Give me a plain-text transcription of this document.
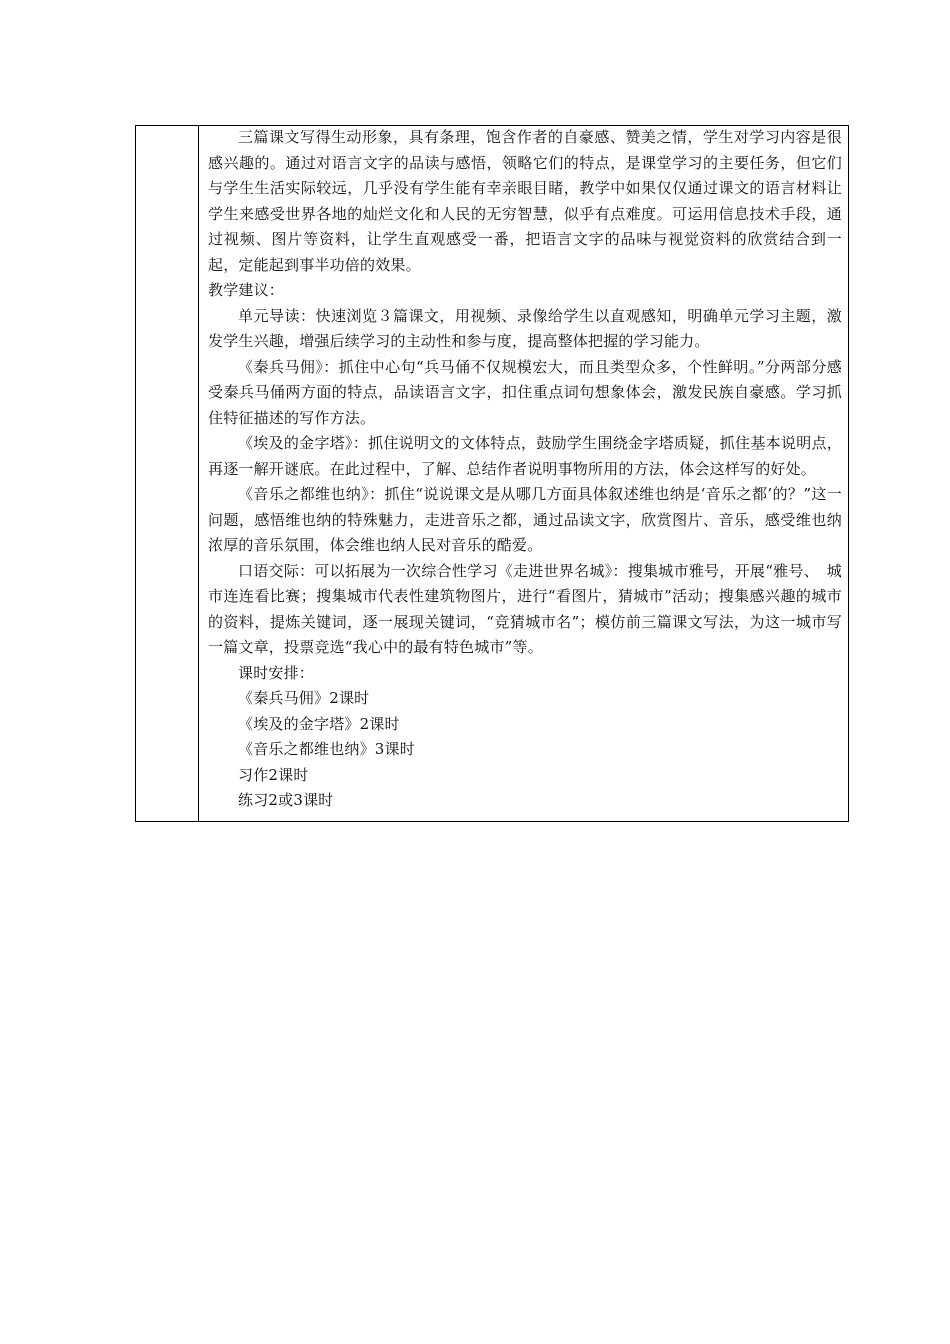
三篇课文写得生动形象，具有条理，饱含作者的自豪感、赞美之情，学生对学习内容是很感兴趣的。通过对语言文字的品读与感悟，领略它们的特点，是课堂学习的主要任务，但它们与学生生活实际较远，几乎没有学生能有幸亲眼目睹，教学中如果仅仅通过课文的语言材料让学生来感受世界各地的灿烂文化和人民的无穷智慧，似乎有点难度。可运用信息技术手段，通过视频、图片等资料，让学生直观感受一番，把语言文字的品味与视觉资料的欣赏结合到一起，定能起到事半功倍的效果。

教学建议：

单元导读：快速浏览３篇课文，用视频、录像给学生以直观感知，明确单元学习主题，激发学生兴趣，增强后续学习的主动性和参与度，提高整体把握的学习能力。

《秦兵马佣》：抓住中心句“兵马俑不仅规模宏大，而且类型众多，个性鲜明。”分两部分感受秦兵马俑两方面的特点，品读语言文字，扣住重点词句想象体会，激发民族自豪感。学习抓住特征描述的写作方法。

《埃及的金字塔》：抓住说明文的文体特点，鼓励学生围绕金字塔质疑，抓住基本说明点，再逐一解开谜底。在此过程中，了解、总结作者说明事物所用的方法，体会这样写的好处。

《音乐之都维也纳》：抓住“说说课文是从哪几方面具体叙述维也纳是‘音乐之都’的？”这一问题，感悟维也纳的特殊魅力，走进音乐之都，通过品读文字，欣赏图片、音乐，感受维也纳浓厚的音乐氛围，体会维也纳人民对音乐的酷爱。

口语交际：可以拓展为一次综合性学习《走进世界名城》：搜集城市雅号，开展“雅号、　城市连连看比赛；搜集城市代表性建筑物图片，进行“看图片，猜城市”活动；搜集感兴趣的城市的资料，提炼关键词，逐一展现关键词，“竞猜城市名”；模仿前三篇课文写法，为这一城市写一篇文章，投票竞选“我心中的最有特色城市”等。

课时安排：

《秦兵马佣》2课时

《埃及的金字塔》2课时

《音乐之都维也纳》3课时

习作2课时

练习2或3课时
